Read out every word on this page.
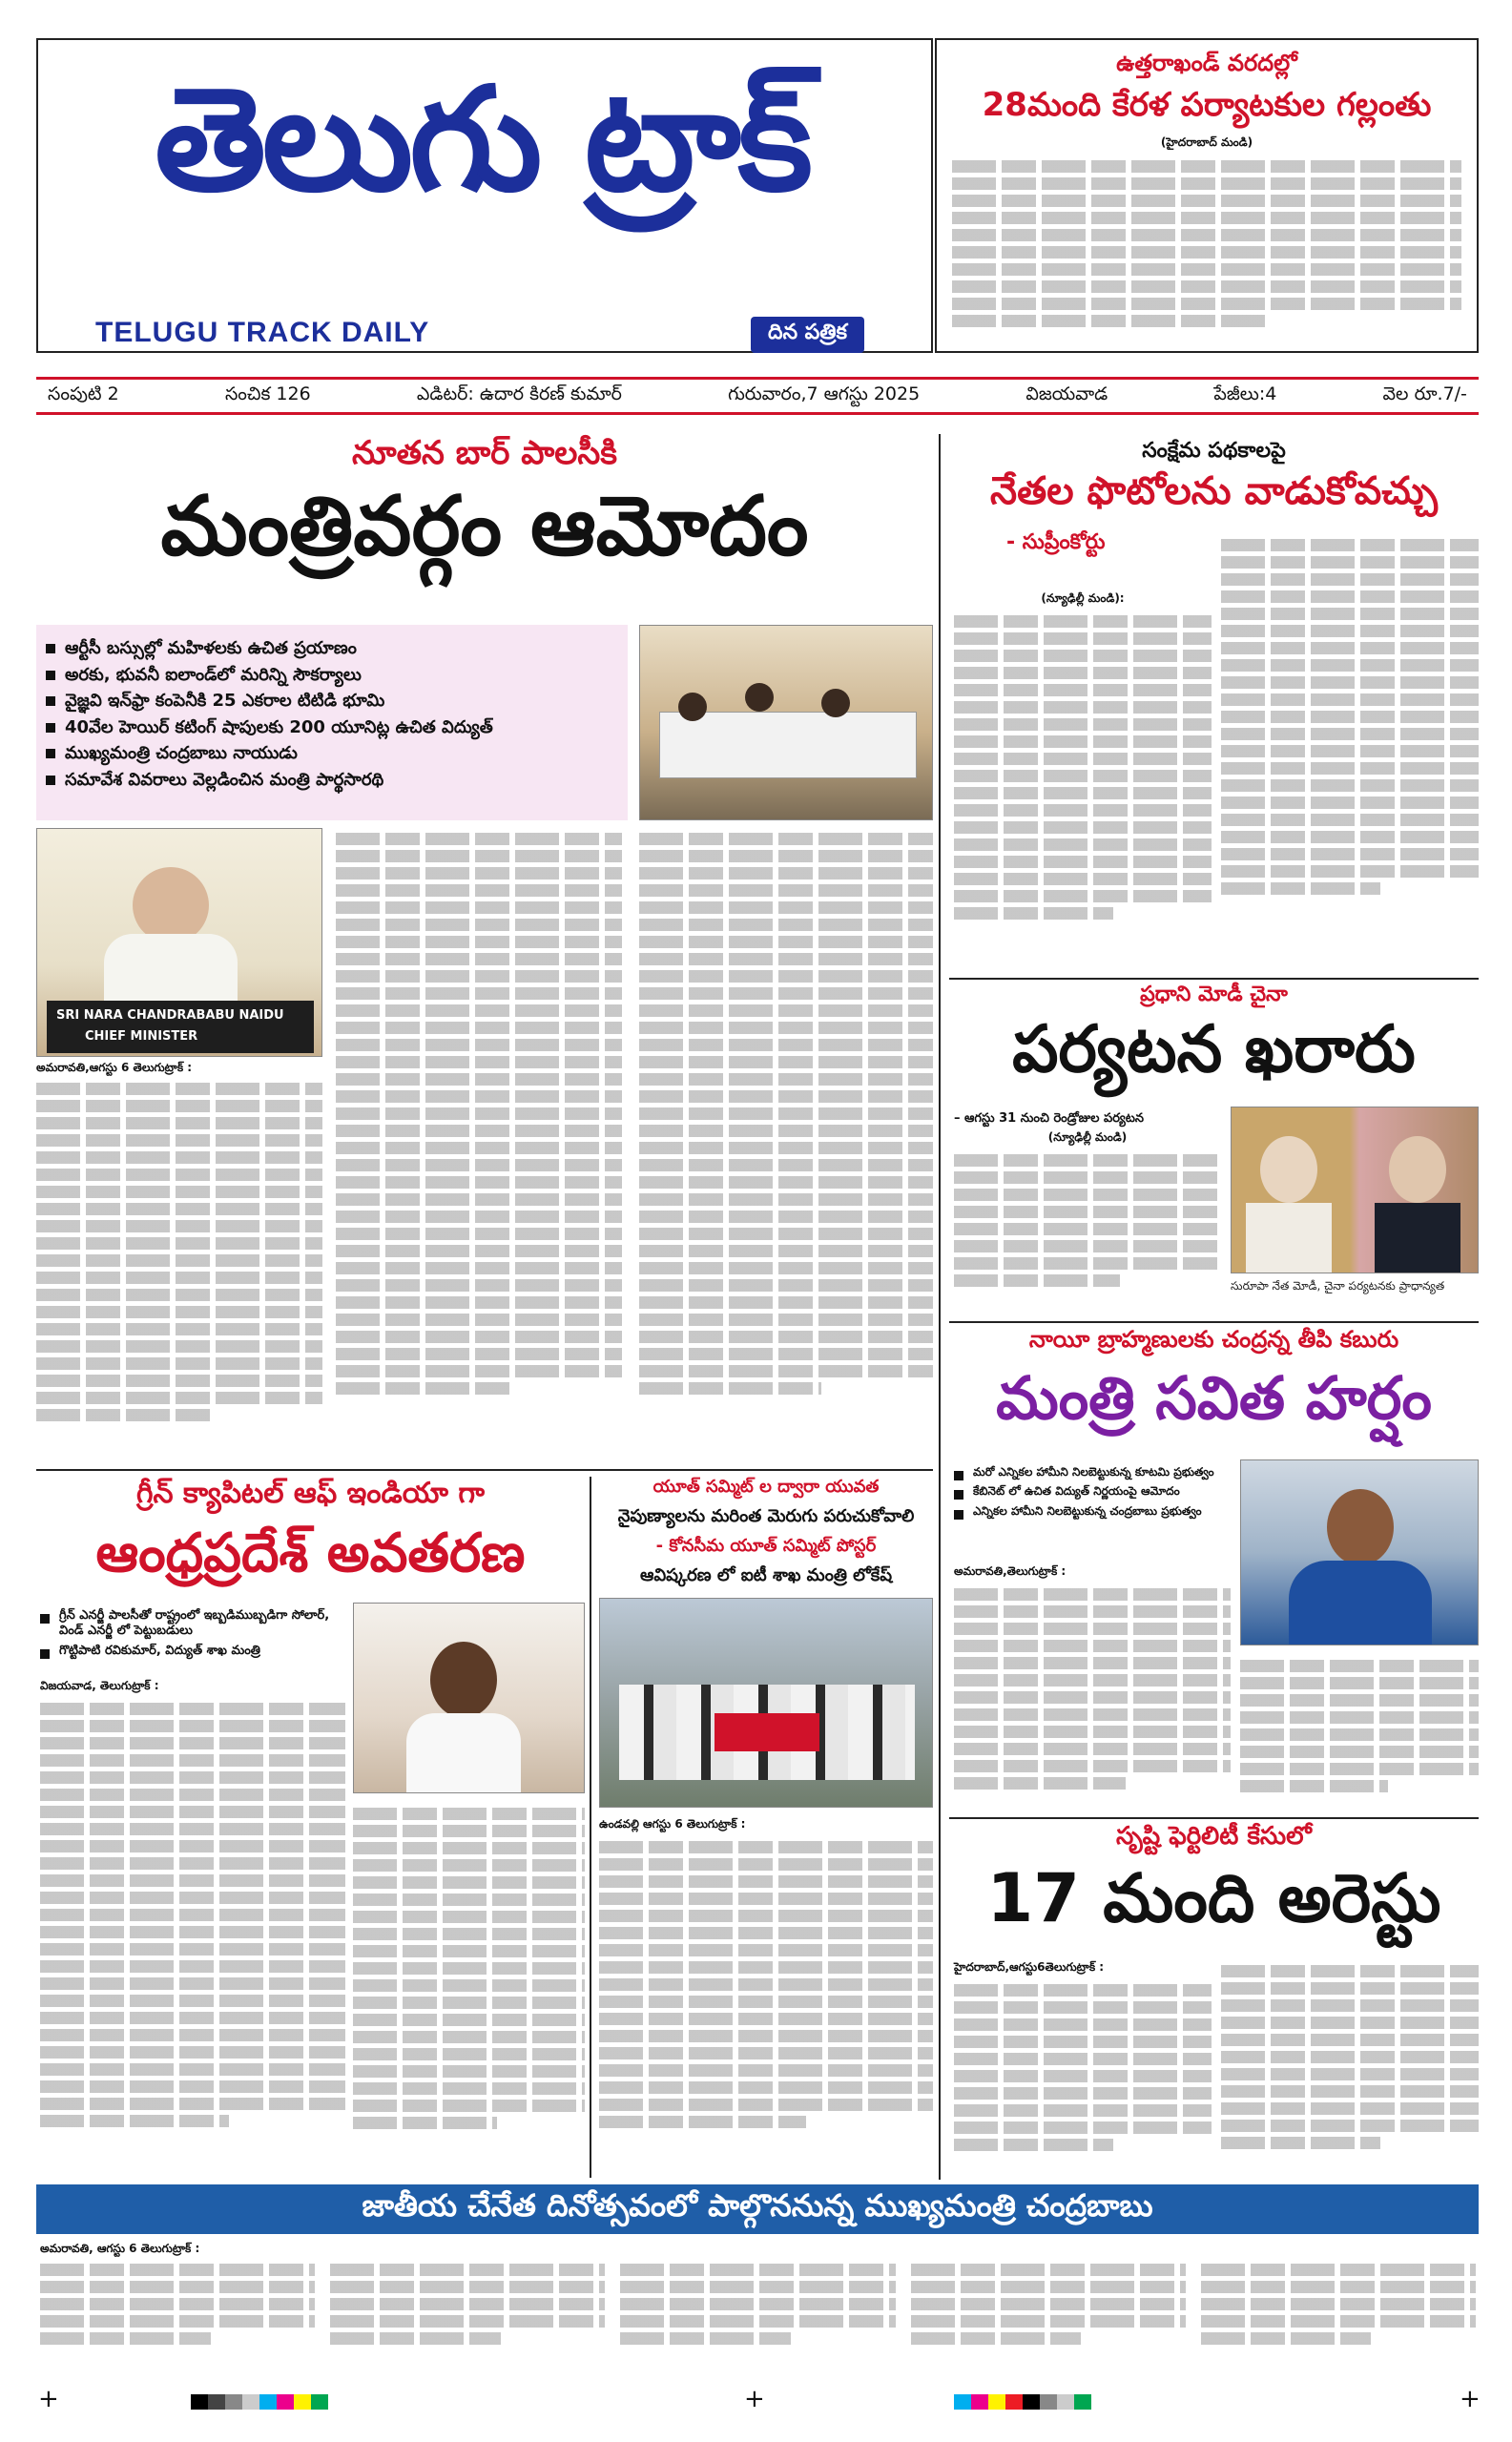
తెలుగు ట్రాక్
TELUGU TRACK DAILY	దిన పత్రిక
ఉత్తరాఖండ్ వరదల్లో
28మంది కేరళ పర్యాటకుల గల్లంతు
(హైదరాబాద్‌ మండి)
సంపుటి 2	సంచిక 126	ఎడిటర్: ఉదార కిరణ్ కుమార్	గురువారం,7 ఆగస్టు 2025	విజయవాడ	పేజీలు:4	వెల రూ.7/-
నూతన బార్ పాలసీకి
మంత్రివర్గం ఆమోదం
ఆర్టీసీ బస్సుల్లో మహిళలకు ఉచిత ప్రయాణం
అరకు, భువనీ ఐలాండ్‌లో మరిన్ని సౌకర్యాలు
వైజ్ఞవి ఇన్‌ఫ్రా కంపెనీకి 25 ఎకరాల టిటిడి భూమి
40వేల హెయిర్ కటింగ్ షాపులకు 200 యూనిట్ల ఉచిత విద్యుత్
ముఖ్యమంత్రి చంద్రబాబు నాయుడు
సమావేశ వివరాలు వెల్లడించిన మంత్రి పార్థసారథి
SRI NARA CHANDRABABU NAIDU
CHIEF MINISTER
అమరావతి,ఆగస్టు 6 తెలుగుట్రాక్ :
సంక్షేమ పథకాలపై
నేతల ఫొటోలను వాడుకోవచ్చు
- సుప్రీంకోర్టు
(న్యూఢిల్లీ మండి):
ప్రధాని మోడీ చైనా
పర్యటన ఖరారు
– ఆగస్టు 31 నుంచి రెండ్రోజుల పర్యటన
(న్యూఢిల్లీ మండి)
సురూపా నేత మోడీ, చైనా పర్యటనకు ప్రాధాన్యత
నాయీ బ్రాహ్మణులకు చంద్రన్న తీపి కబురు
మంత్రి సవిత హర్షం
మరో ఎన్నికల హామీని నిలబెట్టుకున్న కూటమి ప్రభుత్వం
కేబినెట్ లో ఉచిత విద్యుత్ నిర్ణయంపై ఆమోదం
ఎన్నికల హామీని నిలబెట్టుకున్న చంద్రబాబు ప్రభుత్వం
అమరావతి,తెలుగుట్రాక్ :
సృష్టి ఫెర్టిలిటీ కేసులో
17 మంది అరెస్టు
హైదరాబాద్,ఆగస్టు6తెలుగుట్రాక్ :
గ్రీన్ క్యాపిటల్ ఆఫ్ ఇండియా గా
ఆంధ్రప్రదేశ్ అవతరణ
గ్రీన్ ఎనర్జీ పాలసీతో రాష్ట్రంలో ఇబ్బడిముబ్బడిగా సోలార్, విండ్ ఎనర్జీ లో పెట్టుబడులు
గొట్టిపాటి రవికుమార్, విద్యుత్ శాఖ మంత్రి
విజయవాడ, తెలుగుట్రాక్ :
యూత్ సమ్మిట్ ల ద్వారా యువత
నైపుణ్యాలను మరింత మెరుగు పరుచుకోవాలి
- కోనసీమ యూత్ సమ్మిట్ పోస్టర్
ఆవిష్కరణ లో ఐటీ శాఖ మంత్రి లోకేష్
ఉండవల్లి ఆగస్టు 6 తెలుగుట్రాక్ :
జాతీయ చేనేత దినోత్సవంలో పాల్గొననున్న ముఖ్యమంత్రి చంద్రబాబు
అమరావతి, ఆగస్టు 6 తెలుగుట్రాక్ :
+	+	+
